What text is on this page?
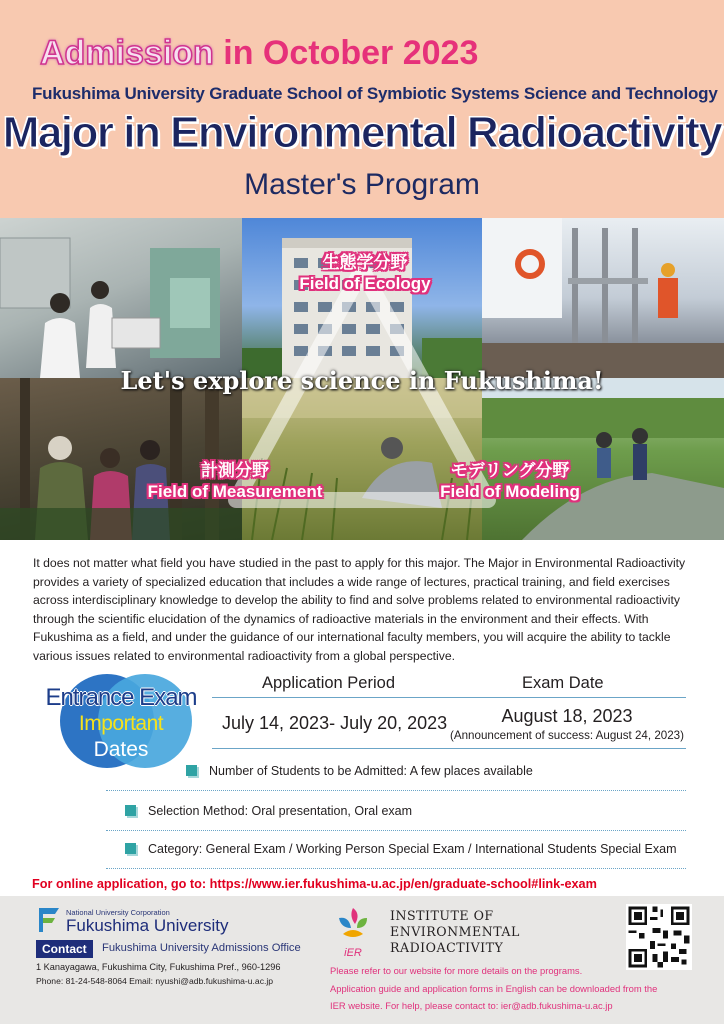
Admission in October 2023
Fukushima University Graduate School of Symbiotic Systems Science and Technology
Major in Environmental Radioactivity
Master's Program
Let's explore science in Fukushima!
生態学分野
Field of Ecology
計測分野
Field of Measurement
モデリング分野
Field of Modeling
It does not matter what field you have studied in the past to apply for this major. The Major in Environmental Radioactivity provides a variety of specialized education that includes a wide range of lectures, practical training, and field exercises across interdisciplinary knowledge to develop the ability to find and solve problems related to environmental radioactivity through the scientific elucidation of the dynamics of radioactive materials in the environment and their effects. With Fukushima as a field, and under the guidance of our international faculty members, you will acquire the ability to tackle various issues related to environmental radioactivity from a global perspective.
Entrance Exam
Important
Dates
Application Period	Exam Date
July 14, 2023- July 20, 2023	August 18, 2023
(Announcement of success: August 24, 2023)
Number of Students to be Admitted: A few places available
Selection Method: Oral presentation, Oral exam
Category: General Exam / Working Person Special Exam / International Students Special Exam
For online application, go to: https://www.ier.fukushima-u.ac.jp/en/graduate-school#link-exam
National University Corporation
Fukushima University
Contact	Fukushima University Admissions Office
1 Kanayagawa, Fukushima City, Fukushima Pref., 960-1296
Phone: 81-24-548-8064 Email: nyushi@adb.fukushima-u.ac.jp
iER
INSTITUTE OF
ENVIRONMENTAL
RADIOACTIVITY
Please refer to our website for more details on the programs.
Application guide and application forms in English can be downloaded from the
IER website. For help, please contact to: ier@adb.fukushima-u.ac.jp
